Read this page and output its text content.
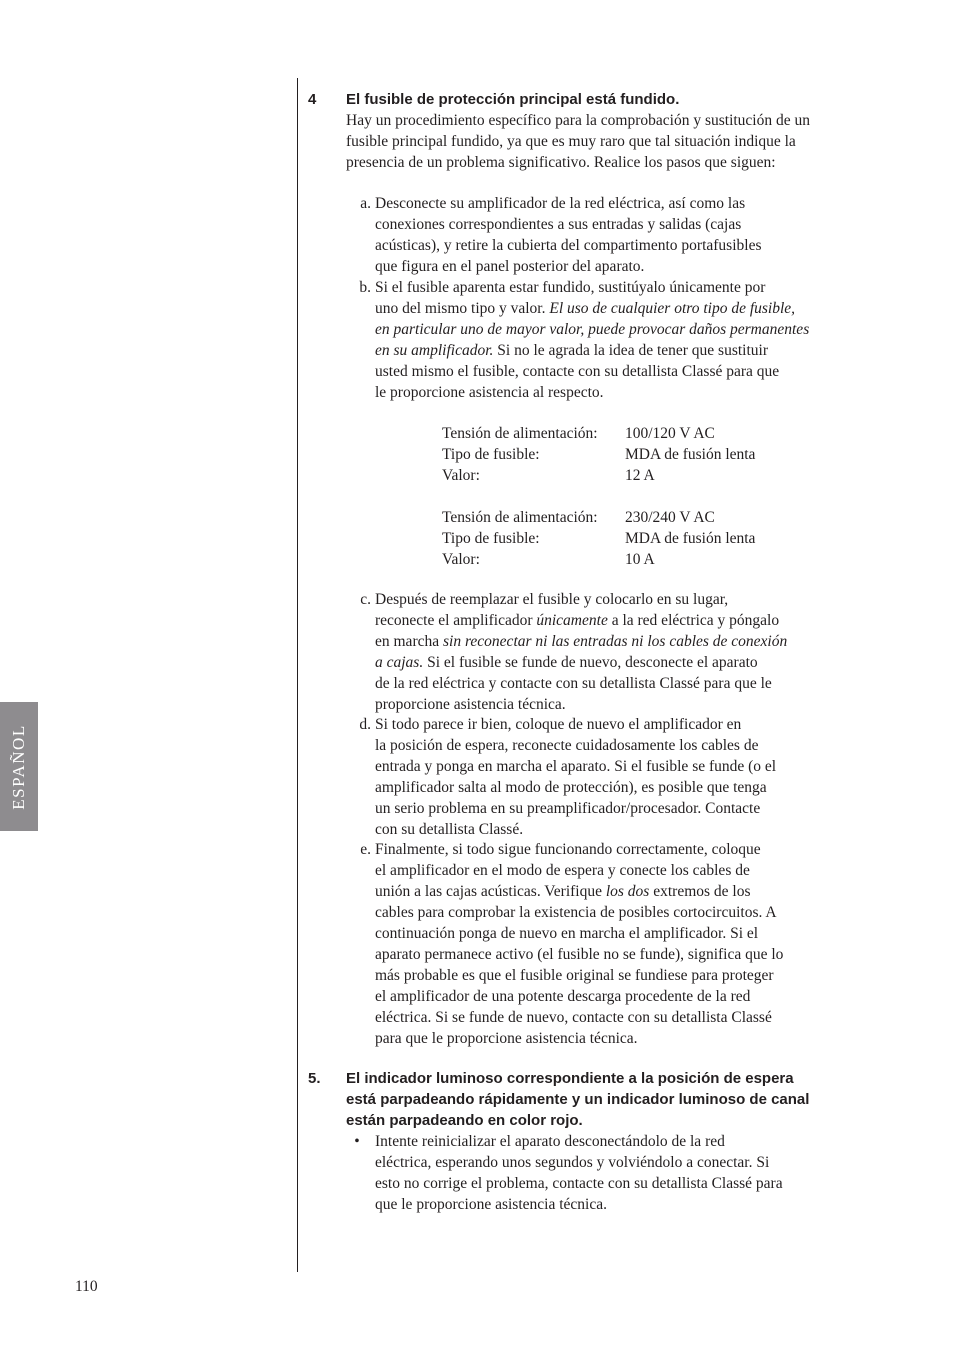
ESPAÑOL
110
4 El fusible de protección principal está fundido.
Hay un procedimiento específico para la comprobación y sustitución de un
fusible principal fundido, ya que es muy raro que tal situación indique la
presencia de un problema significativo. Realice los pasos que siguen:
a. Desconecte su amplificador de la red eléctrica, así como las
conexiones correspondientes a sus entradas y salidas (cajas
acústicas), y retire la cubierta del compartimento portafusibles
que figura en el panel posterior del aparato.
b. Si el fusible aparenta estar fundido, sustitúyalo únicamente por
uno del mismo tipo y valor. El uso de cualquier otro tipo de fusible,
en particular uno de mayor valor, puede provocar daños permanentes
en su amplificador. Si no le agrada la idea de tener que sustituir
usted mismo el fusible, contacte con su detallista Classé para que
le proporcione asistencia al respecto.
Tensión de alimentación: 100/120 V AC
Tipo de fusible:	MDA de fusión lenta
Valor:	12 A
Tensión de alimentación: 230/240 V AC
Tipo de fusible:	MDA de fusión lenta
Valor:	10 A
c. Después de reemplazar el fusible y colocarlo en su lugar,
reconecte el amplificador únicamente a la red eléctrica y póngalo
en marcha sin reconectar ni las entradas ni los cables de conexión
a cajas. Si el fusible se funde de nuevo, desconecte el aparato
de la red eléctrica y contacte con su detallista Classé para que le
proporcione asistencia técnica.
d. Si todo parece ir bien, coloque de nuevo el amplificador en
la posición de espera, reconecte cuidadosamente los cables de
entrada y ponga en marcha el aparato. Si el fusible se funde (o el
amplificador salta al modo de protección), es posible que tenga
un serio problema en su preamplificador/procesador. Contacte
con su detallista Classé.
e. Finalmente, si todo sigue funcionando correctamente, coloque
el amplificador en el modo de espera y conecte los cables de
unión a las cajas acústicas. Verifique los dos extremos de los
cables para comprobar la existencia de posibles cortocircuitos. A
continuación ponga de nuevo en marcha el amplificador. Si el
aparato permanece activo (el fusible no se funde), significa que lo
más probable es que el fusible original se fundiese para proteger
el amplificador de una potente descarga procedente de la red
eléctrica. Si se funde de nuevo, contacte con su detallista Classé
para que le proporcione asistencia técnica.
5. El indicador luminoso correspondiente a la posición de espera
está parpadeando rápidamente y un indicador luminoso de canal
están parpadeando en color rojo.
• Intente reinicializar el aparato desconectándolo de la red
eléctrica, esperando unos segundos y volviéndolo a conectar. Si
esto no corrige el problema, contacte con su detallista Classé para
que le proporcione asistencia técnica.
